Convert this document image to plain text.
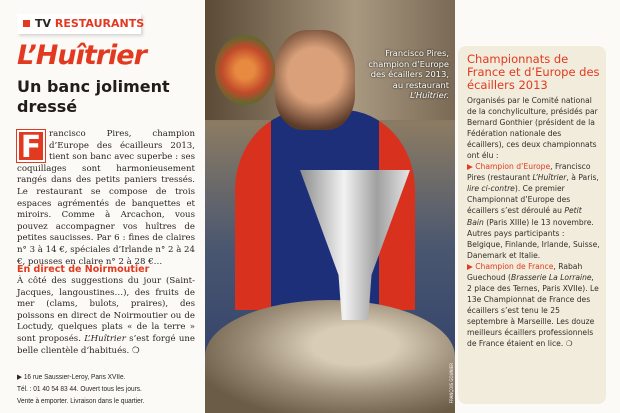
TV RESTAURANTS
L’Huîtrier
Un banc joliment dressé
F rancisco Pires, champion d’Europe des écailleurs 2013, tient son banc avec superbe : ses coquillages sont harmonieusement rangés dans des petits paniers tressés. Le restaurant se compose de trois espaces agrémentés de banquettes et miroirs. Comme à Arcachon, vous pouvez accompagner vos huîtres de petites saucisses. Par 6 : fines de claires n° 3 à 14 €, spéciales d’Irlande n° 2 à 24 €, pousses en claire n° 2 à 28 €…
En direct de Noirmoutier
À côté des suggestions du jour (Saint-Jacques, langoustines…), des fruits de mer (clams, bulots, praires), des poissons en direct de Noirmoutier ou de Loctudy, quelques plats « de la terre » sont proposés. L’Huîtrier s’est forgé une belle clientèle d’habitués. ❍
▶ 16 rue Saussier-Leroy, Paris XVIIe.
Tél. : 01 40 54 83 44. Ouvert tous les jours.
Vente à emporter. Livraison dans le quartier.
Francisco Pires, champion d’Europe des écaillers 2013, au restaurant L’Huîtrier.
FRANÇOIS GOUNIER
Championnats de France et d’Europe des écaillers 2013

Organisés par le Comité national de la conchyliculture, présidés par Bernard Gonthier (président de la Fédération nationale des écaillers), ces deux championnats ont élu :
▶ Champion d’Europe, Francisco Pires (restaurant L’Huîtrier, à Paris, lire ci-contre). Ce premier Championnat d’Europe des écaillers s’est déroulé au Petit Bain (Paris XIIIe) le 13 novembre. Autres pays participants : Belgique, Finlande, Irlande, Suisse, Danemark et Italie.
▶ Champion de France, Rabah Guechoud (Brasserie La Lorraine, 2 place des Ternes, Paris XVIIe). Le 13e Championnat de France des écaillers s’est tenu le 25 septembre à Marseille. Les douze meilleurs écaillers professionnels de France étaient en lice. ❍
